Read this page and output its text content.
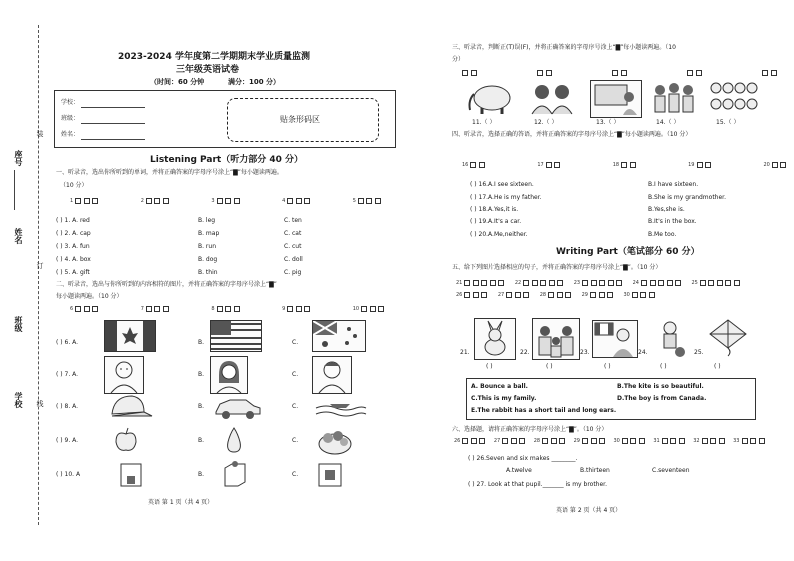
座号
姓名
订
班级
学校 线
装
2023-2024 学年度第二学期期末学业质量监测
三年级英语试卷
（时间：60 分钟	满分：100 分）
学校：
班级：
姓名：
贴条形码区
Listening Part（听力部分 40 分）
一、听录音，选出你所听到的单词，并将正确答案的字母序号涂上“▇”每小题读两遍。
（10 分）
1	2	3	4	5
( ) 1. A. red	B. leg	C. ten
( ) 2. A. cap	B. map	C. cat
( ) 3. A. fun	B. run	C. cut
( ) 4. A. box	B. dog	C. doll
( ) 5. A. gift	B. thin	C. pig
二、听录音，选出与你所听到的内容相符的图片，并将正确答案的字母序号涂上“▇”
每小题读两遍。（10 分）
6	7	8	9	10
( ) 6. A.	B.	C.
( ) 7. A.	B.	C.
( ) 8. A.	B.	C.
( ) 9. A.	B.	C.
( ) 10. A	B.	C.
英语 第 1 页（共 4 页）
三、听录音，判断正(T)误(F)，并将正确答案的字母序号涂上“▇”每小题读两遍。（10
分）
11.（ ）	12.（ ）	13.（ ）	14.（ ）	15.（ ）
四、听录音，选择正确的答语，并将正确答案的字母序号涂上“▇”每小题读两遍。（10 分）
16	17	18	19	20
( ) 16.A.I see sixteen.	B.I have sixteen.
( ) 17.A.He is my father.	B.She is my grandmother.
( ) 18.A.Yes,it is.	B.Yes,she is.
( ) 19.A.It's a car.	B.It's in the box.
( ) 20.A.Me,neither.	B.Me too.
Writing Part（笔试部分 60 分）
五、给下列图片选择相应的句子，并将正确答案的字母序号涂上“▇”。（10 分）
21	22	23	24	25
26	27	28	29	30
21.	22.	23.	24.	25.
( )	( )	( )	( )	( )
A. Bounce a ball.	B.The kite is so beautiful.
C.This is my family.	D.The boy is from Canada.
E.The rabbit has a short tail and long ears.
六、选择题，请将正确答案的字母序号涂上“▇”。（10 分）
26	27	28	29	30	31	32	33
( ) 26.Seven and six makes ________.
A.twelve	B.thirteen	C.seventeen
( ) 27. Look at that pupil._______ is my brother.
英语 第 2 页（共 4 页）
